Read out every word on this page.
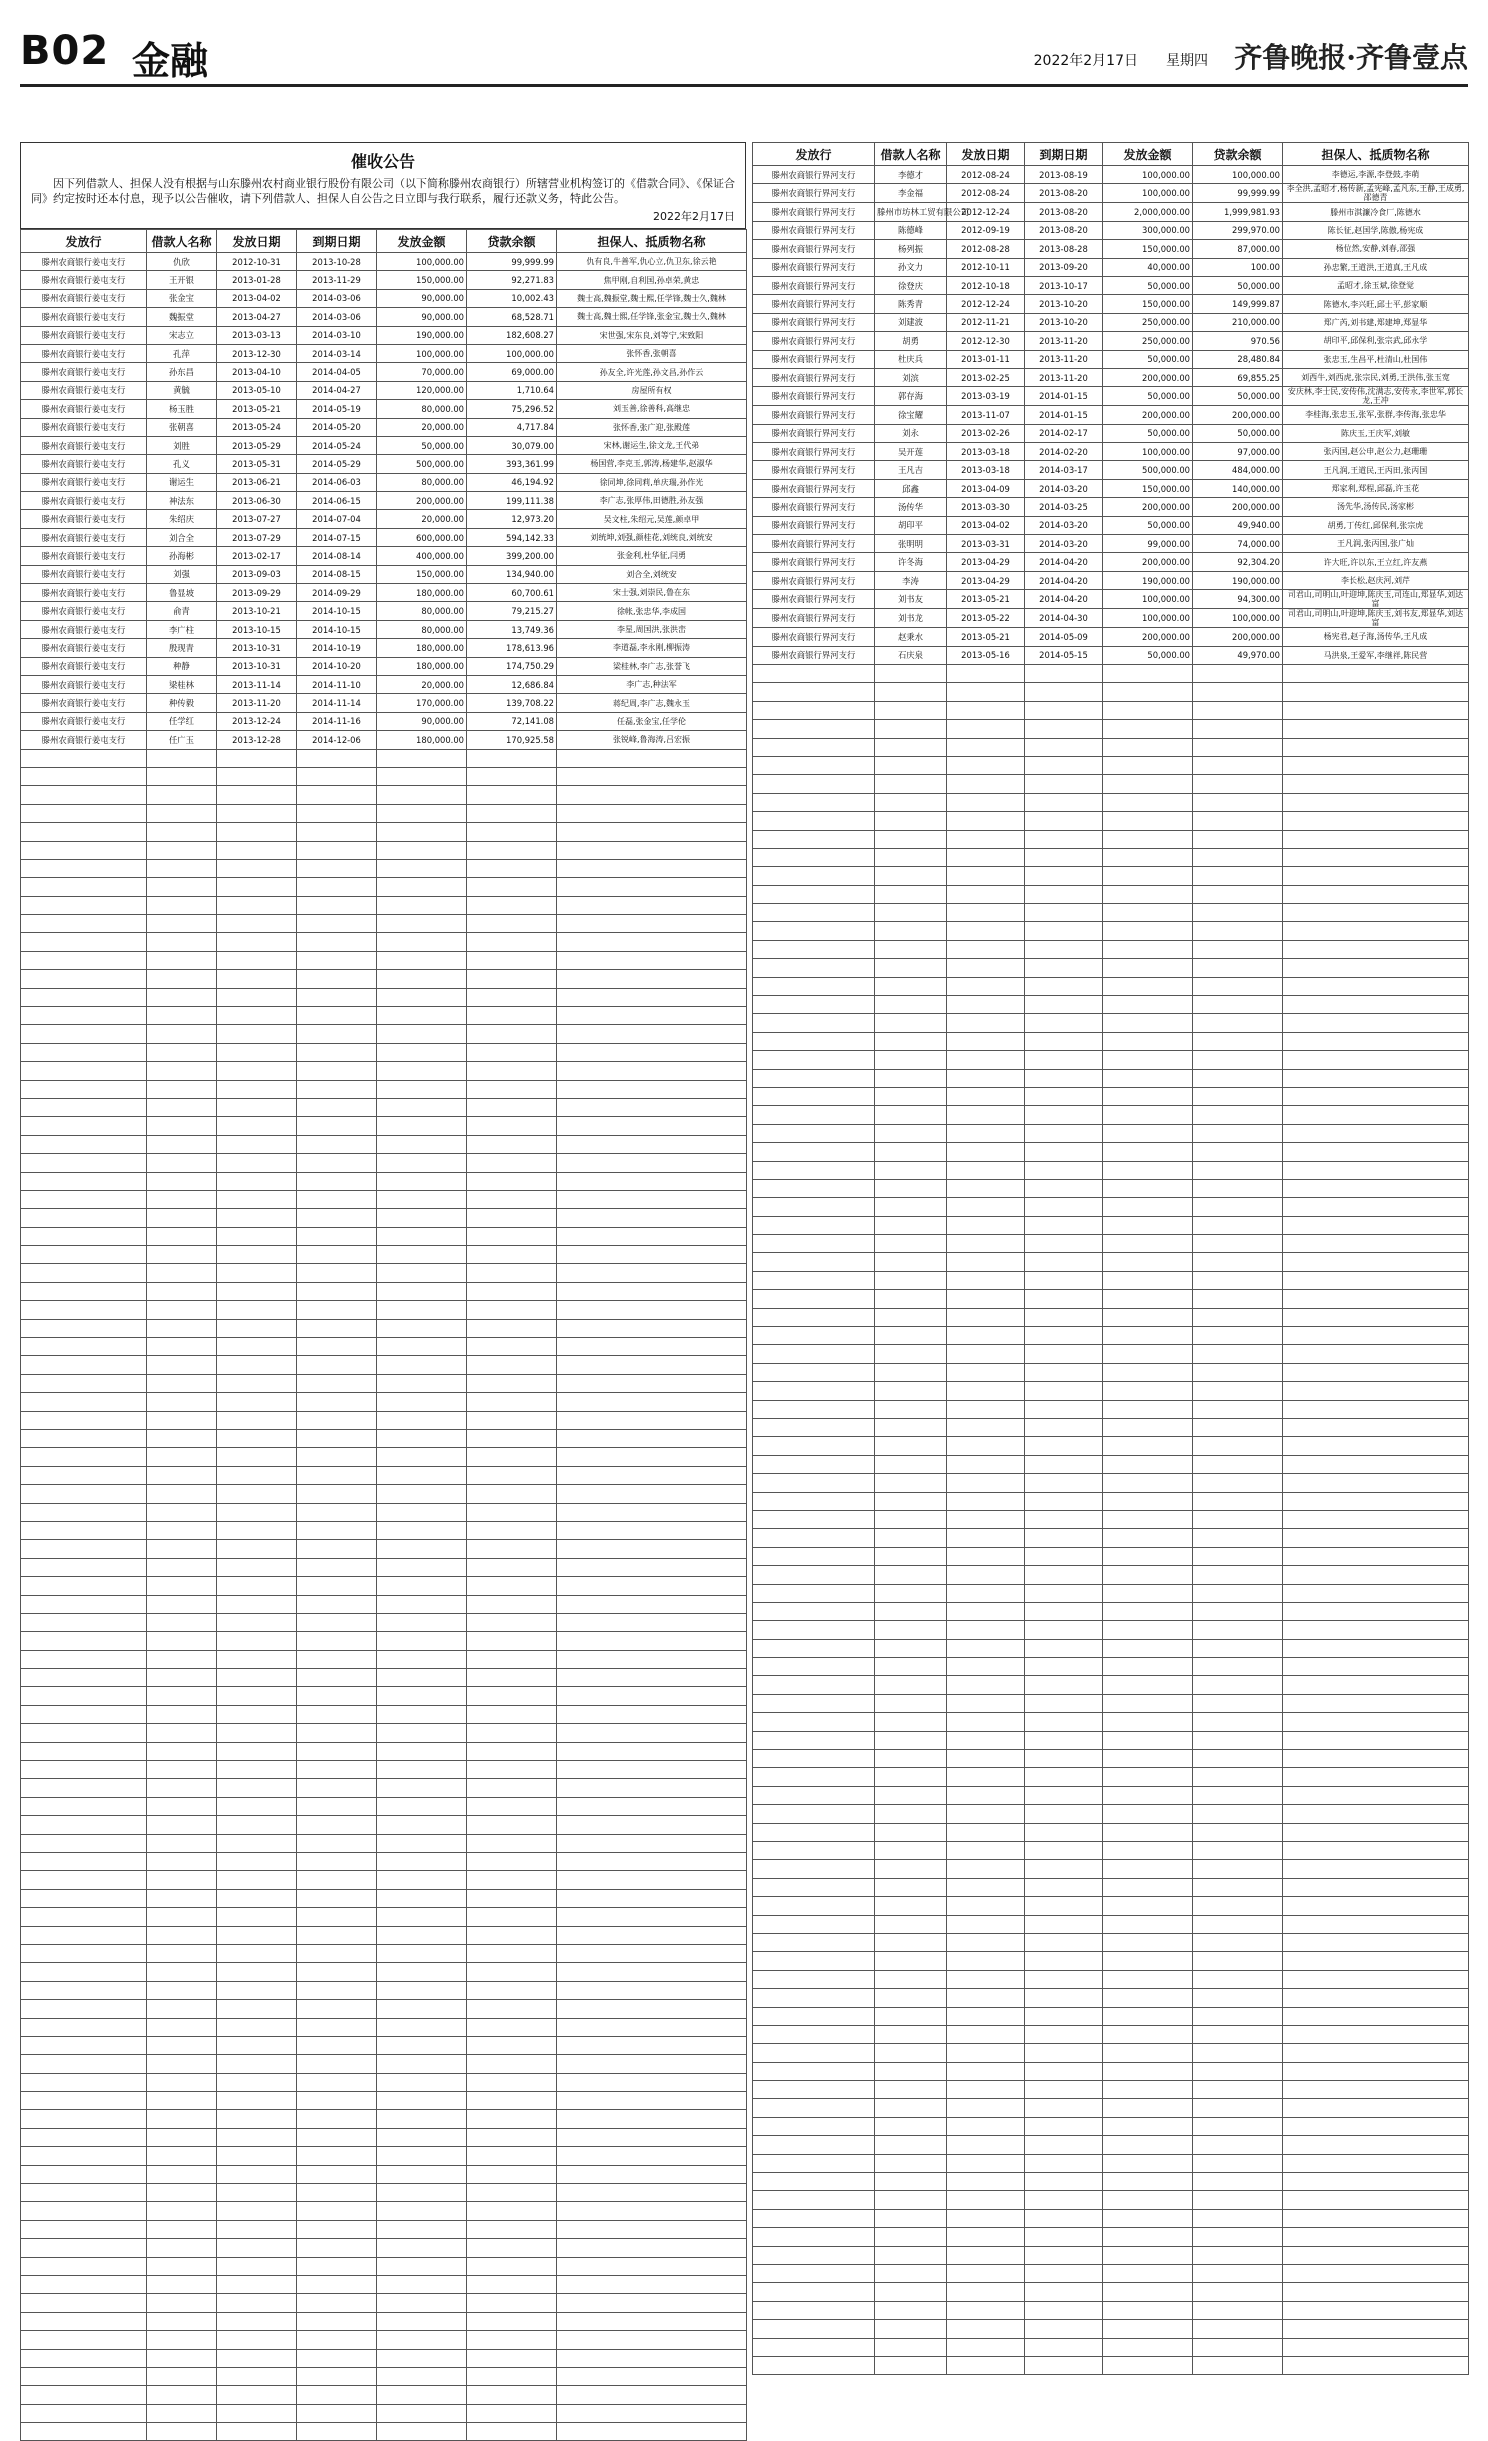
B02 金融	2022年2月17日 星期四 齐鲁晚报·齐鲁壹点
催收公告
因下列借款人、担保人没有根据与山东滕州农村商业银行股份有限公司（以下简称滕州农商银行）所辖营业机构签订的《借款合同》、《保证合同》约定按时还本付息，现予以公告催收，请下列借款人、担保人自公告之日立即与我行联系，履行还款义务，特此公告。
2022年2月17日
发放行	借款人名称	发放日期	到期日期	发放金额	贷款余额	担保人、抵质物名称
滕州农商银行姜屯支行	仇欣	2012-10-31	2013-10-28	100,000.00	99,999.99	仇有良,牛善军,仇心立,仇卫东,徐云艳
滕州农商银行姜屯支行	王开银	2013-01-28	2013-11-29	150,000.00	92,271.83	焦甲刚,自利国,孙卓荣,黄忠
滕州农商银行姜屯支行	张金宝	2013-04-02	2014-03-06	90,000.00	10,002.43	魏士高,魏振堂,魏士熙,任学锋,魏士久,魏林
滕州农商银行姜屯支行	魏振堂	2013-04-27	2014-03-06	90,000.00	68,528.71	魏士高,魏士熙,任学锋,张金宝,魏士久,魏林
滕州农商银行姜屯支行	宋志立	2013-03-13	2014-03-10	190,000.00	182,608.27	宋世强,宋东良,刘等宁,宋致阳
滕州农商银行姜屯支行	孔萍	2013-12-30	2014-03-14	100,000.00	100,000.00	张怀香,张朝喜
滕州农商银行姜屯支行	孙东昌	2013-04-10	2014-04-05	70,000.00	69,000.00	孙友全,许光莲,孙文昌,孙作云
滕州农商银行姜屯支行	黄毓	2013-05-10	2014-04-27	120,000.00	1,710.64	房屋所有权
滕州农商银行姜屯支行	杨玉胜	2013-05-21	2014-05-19	80,000.00	75,296.52	刘玉善,徐善科,高继忠
滕州农商银行姜屯支行	张朝喜	2013-05-24	2014-05-20	20,000.00	4,717.84	张怀香,张广迎,张殿莲
滕州农商银行姜屯支行	刘胜	2013-05-29	2014-05-24	50,000.00	30,079.00	宋林,谢运生,徐文龙,王代弟
滕州农商银行姜屯支行	孔义	2013-05-31	2014-05-29	500,000.00	393,361.99	杨国营,李克玉,郭涛,杨建华,赵淑华
滕州农商银行姜屯支行	谢运生	2013-06-21	2014-06-03	80,000.00	46,194.92	徐同坤,徐同莉,单庆瑞,孙作光
滕州农商银行姜屯支行	神法东	2013-06-30	2014-06-15	200,000.00	199,111.38	李广志,张厚伟,田德胜,孙友强
滕州农商银行姜屯支行	朱绍庆	2013-07-27	2014-07-04	20,000.00	12,973.20	吴文柱,朱绍元,吴莲,颜卓甲
滕州农商银行姜屯支行	刘合全	2013-07-29	2014-07-15	600,000.00	594,142.33	刘统坤,刘强,颜桂花,刘统良,刘统安
滕州农商银行姜屯支行	孙海彬	2013-02-17	2014-08-14	400,000.00	399,200.00	张金利,杜华征,闫勇
滕州农商银行姜屯支行	刘强	2013-09-03	2014-08-15	150,000.00	134,940.00	刘合全,刘统安
滕州农商银行姜屯支行	鲁显坡	2013-09-29	2014-09-29	180,000.00	60,700.61	宋士强,刘崇民,鲁在东
滕州农商银行姜屯支行	俞青	2013-10-21	2014-10-15	80,000.00	79,215.27	徐帐,张忠华,李成国
滕州农商银行姜屯支行	李广柱	2013-10-15	2014-10-15	80,000.00	13,749.36	李星,周国洪,张洪峦
滕州农商银行姜屯支行	殷现青	2013-10-31	2014-10-19	180,000.00	178,613.96	李道磊,李永刚,柳振涛
滕州农商银行姜屯支行	种静	2013-10-31	2014-10-20	180,000.00	174,750.29	梁桂林,李广志,张誉飞
滕州农商银行姜屯支行	梁桂林	2013-11-14	2014-11-10	20,000.00	12,686.84	李广志,种法军
滕州农商银行姜屯支行	种传毅	2013-11-20	2014-11-14	170,000.00	139,708.22	蒋纪周,李广志,魏永玉
滕州农商银行姜屯支行	任学红	2013-12-24	2014-11-16	90,000.00	72,141.08	任磊,张金宝,任学伦
滕州农商银行姜屯支行	任广玉	2013-12-28	2014-12-06	180,000.00	170,925.58	张锐峰,鲁海涛,吕宏振

发放行	借款人名称	发放日期	到期日期	发放金额	贷款余额	担保人、抵质物名称
滕州农商银行界河支行	李德才	2012-08-24	2013-08-19	100,000.00	100,000.00	李德运,李源,李登鼓,李萌
滕州农商银行界河支行	李金福	2012-08-24	2013-08-20	100,000.00	99,999.99	李全洪,孟昭才,杨传新,孟宪峰,孟凡东,王静,王成勇,邵德青
滕州农商银行界河支行	滕州市坊林工贸有限公司	2012-12-24	2013-08-20	2,000,000.00	1,999,981.93	滕州市淇濂冷食厂,陈德水
滕州农商银行界河支行	陈德峰	2012-09-19	2013-08-20	300,000.00	299,970.00	陈长征,赵国学,陈傲,杨宪成
滕州农商银行界河支行	杨列振	2012-08-28	2013-08-28	150,000.00	87,000.00	杨位然,安静,刘春,邵强
滕州农商银行界河支行	孙文力	2012-10-11	2013-09-20	40,000.00	100.00	孙忠繁,王道洪,王道真,王凡成
滕州农商银行界河支行	徐登庆	2012-10-18	2013-10-17	50,000.00	50,000.00	孟昭才,徐玉斌,徐登觉
滕州农商银行界河支行	陈秀青	2012-12-24	2013-10-20	150,000.00	149,999.87	陈德水,李兴旺,邱士平,彭家顺
滕州农商银行界河支行	刘建波	2012-11-21	2013-10-20	250,000.00	210,000.00	郑广芮,刘书建,郑建坤,郑显华
滕州农商银行界河支行	胡勇	2012-12-30	2013-11-20	250,000.00	970.56	胡印平,邱保利,张宗武,邱永学
滕州农商银行界河支行	杜庆兵	2013-01-11	2013-11-20	50,000.00	28,480.84	张忠玉,生昌平,杜清山,杜国伟
滕州农商银行界河支行	刘滨	2013-02-25	2013-11-20	200,000.00	69,855.25	刘西牛,刘西虎,张宗民,刘勇,王洪伟,张玉宽
滕州农商银行界河支行	郭存海	2013-03-19	2014-01-15	50,000.00	50,000.00	安庆林,李士民,安传伟,沈满志,安传永,李世军,郭长龙,王冲
滕州农商银行界河支行	徐宝耀	2013-11-07	2014-01-15	200,000.00	200,000.00	李桂海,张忠玉,张军,张群,李传海,张忠华
滕州农商银行界河支行	刘永	2013-02-26	2014-02-17	50,000.00	50,000.00	陈庆玉,王庆军,刘敏
滕州农商银行界河支行	吴开莲	2013-03-18	2014-02-20	100,000.00	97,000.00	张丙国,赵公申,赵公力,赵珊珊
滕州农商银行界河支行	王凡吉	2013-03-18	2014-03-17	500,000.00	484,000.00	王凡润,王道民,王丙田,张丙国
滕州农商银行界河支行	邱鑫	2013-04-09	2014-03-20	150,000.00	140,000.00	郑家利,郑程,邱磊,许玉花
滕州农商银行界河支行	汤传华	2013-03-30	2014-03-25	200,000.00	200,000.00	汤先华,汤传民,汤家彬
滕州农商银行界河支行	胡印平	2013-04-02	2014-03-20	50,000.00	49,940.00	胡勇,丁传红,邱保利,张宗虎
滕州农商银行界河支行	张明明	2013-03-31	2014-03-20	99,000.00	74,000.00	王凡润,张丙国,张广灿
滕州农商银行界河支行	许冬海	2013-04-29	2014-04-20	200,000.00	92,304.20	许大旺,许以东,王立红,许友燕
滕州农商银行界河支行	李涛	2013-04-29	2014-04-20	190,000.00	190,000.00	李长松,赵庆河,刘芹
滕州农商银行界河支行	刘书友	2013-05-21	2014-04-20	100,000.00	94,300.00	司君山,司明山,叶迎坤,陈庆玉,司连山,郑显华,刘达富
滕州农商银行界河支行	刘书龙	2013-05-22	2014-04-30	100,000.00	100,000.00	司君山,司明山,叶迎坤,陈庆玉,刘书友,郑显华,刘达富
滕州农商银行界河支行	赵秉水	2013-05-21	2014-05-09	200,000.00	200,000.00	杨宪君,赵子海,汤传华,王凡成
滕州农商银行界河支行	石庆泉	2013-05-16	2014-05-15	50,000.00	49,970.00	马洪泉,王爱军,李继祥,陈民营
